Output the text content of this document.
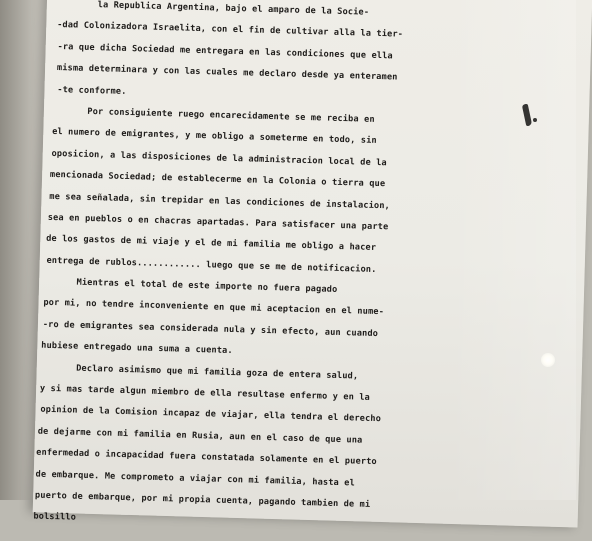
la Republica Argentina, bajo el amparo de la Socie-
-dad Colonizadora Israelita, con el fin de cultivar alla la tier-
-ra que dicha Sociedad me entregara en las condiciones que ella
misma determinara y con las cuales me declaro desde ya enteramen
-te conforme.
Por consiguiente ruego encarecidamente se me reciba en
el numero de emigrantes, y me obligo a someterme en todo, sin
oposicion, a las disposiciones de la administracion local de la
mencionada Sociedad; de establecerme en la Colonia o tierra que
me sea señalada, sin trepidar en las condiciones de instalacion,
sea en pueblos o en chacras apartadas. Para satisfacer una parte
de los gastos de mi viaje y el de mi familia me obligo a hacer
entrega de rublos............ luego que se me de notificacion.
Mientras el total de este importe no fuera pagado
por mi, no tendre inconveniente en que mi aceptacion en el nume-
-ro de emigrantes sea considerada nula y sin efecto, aun cuando
hubiese entregado una suma a cuenta.
Declaro asimismo que mi familia goza de entera salud,
y si mas tarde algun miembro de ella resultase enfermo y en la
opinion de la Comision incapaz de viajar, ella tendra el derecho
de dejarme con mi familia en Rusia, aun en el caso de que una
enfermedad o incapacidad fuera constatada solamente en el puerto
de embarque. Me comprometo a viajar con mi familia, hasta el
puerto de embarque, por mi propia cuenta, pagando tambien de mi
bolsillo
